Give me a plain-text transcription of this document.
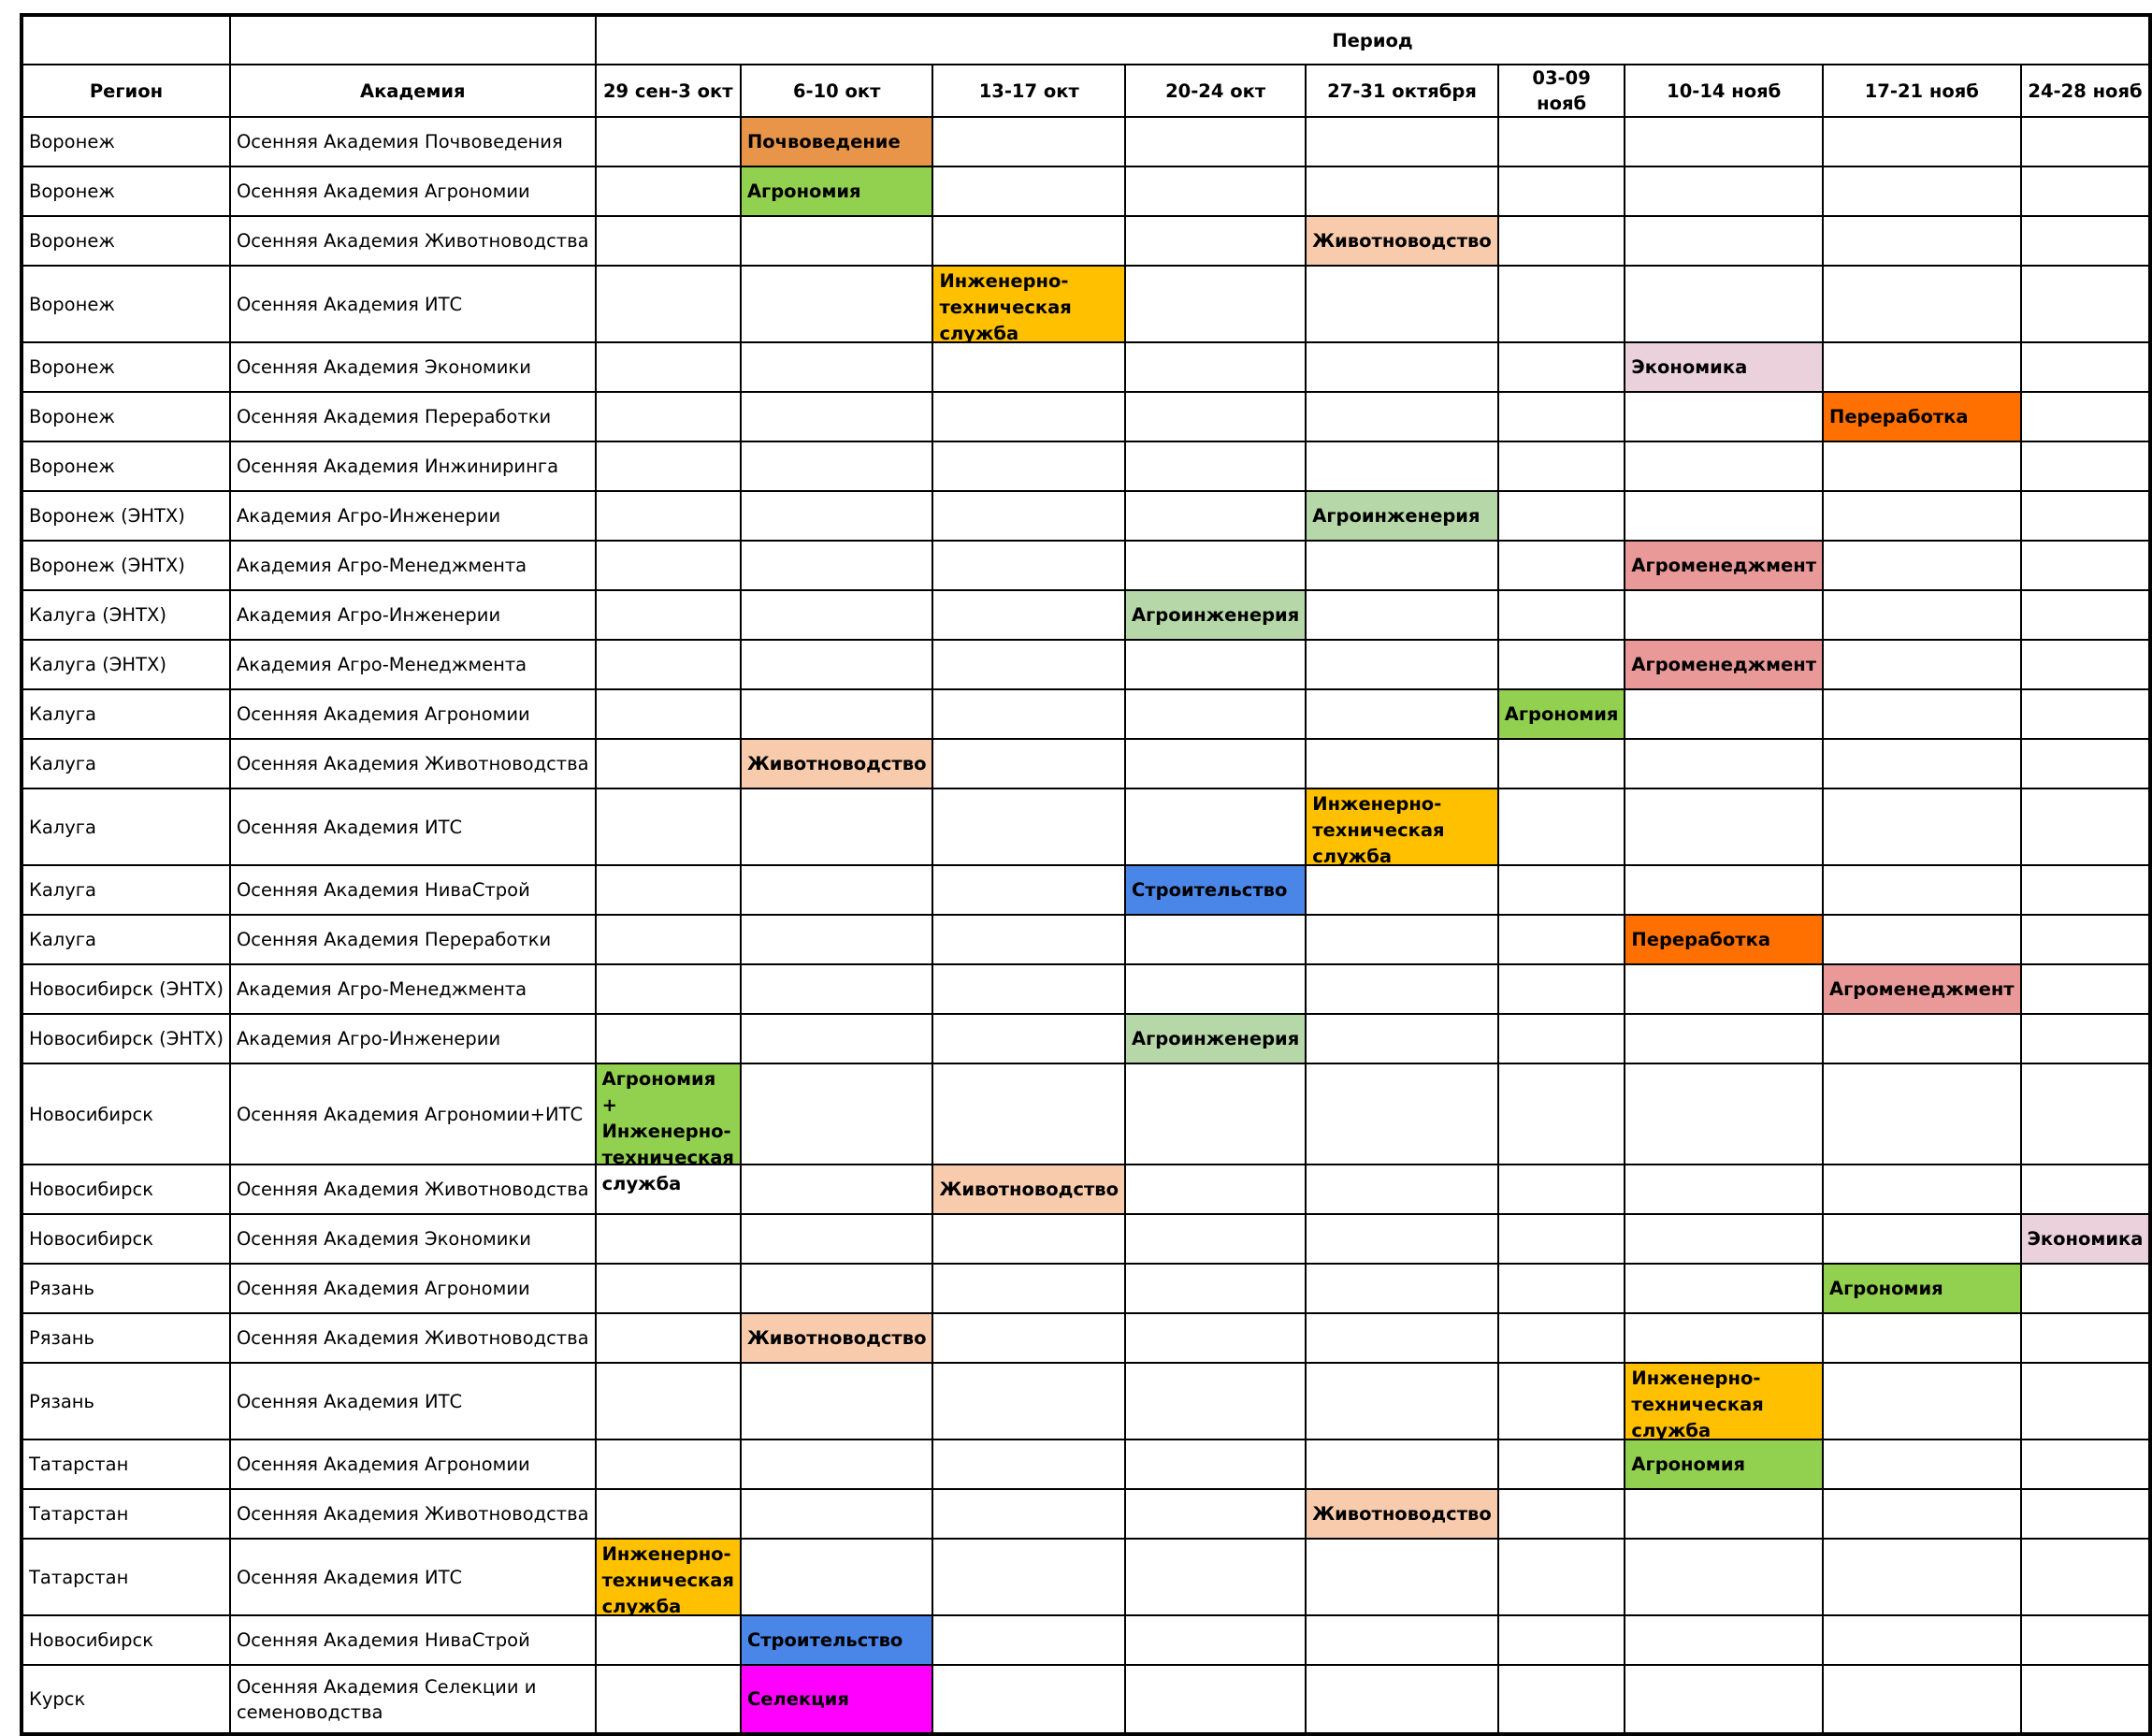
		Период								
Регион	Академия	29 сен-3 окт	6-10 окт	13-17 окт	20-24 окт	27-31 октября	03-09 нояб	10-14 нояб	17-21 нояб	24-28 нояб
Воронеж	Осенняя Академия Почвоведения		Почвоведение							
Воронеж	Осенняя Академия Агрономии		Агрономия							
Воронеж	Осенняя Академия Животноводства					Животноводство				
Воронеж	Осенняя Академия ИТС			Инженерно-техническая служба						

Воронеж	Осенняя Академия Экономики							Экономика		
Воронеж	Осенняя Академия Переработки								Переработка	
Воронеж	Осенняя Академия Инжиниринга									
Воронеж (ЭНТХ)	Академия Агро-Инженерии					Агроинженерия				
Воронеж (ЭНТХ)	Академия Агро-Менеджмента							Агроменеджмент		
Калуга (ЭНТХ)	Академия Агро-Инженерии				Агроинженерия					
Калуга (ЭНТХ)	Академия Агро-Менеджмента							Агроменеджмент		
Калуга	Осенняя Академия Агрономии						Агрономия			
Калуга	Осенняя Академия Животноводства		Животноводство							
Калуга	Осенняя Академия ИТС					Инженерно-техническая служба				

Калуга	Осенняя Академия НиваСтрой				Строительство					
Калуга	Осенняя Академия Переработки							Переработка		
Новосибирск (ЭНТХ)	Академия Агро-Менеджмента								Агроменеджмент	
Новосибирск (ЭНТХ)	Академия Агро-Инженерии				Агроинженерия					
Новосибирск	Осенняя Академия Агрономии+ИТС	Агрономия + Инженерно-техническая служба								

Новосибирск	Осенняя Академия Животноводства			Животноводство						
Новосибирск	Осенняя Академия Экономики									Экономика
Рязань	Осенняя Академия Агрономии								Агрономия	
Рязань	Осенняя Академия Животноводства		Животноводство							
Рязань	Осенняя Академия ИТС							Инженерно-техническая служба		

Татарстан	Осенняя Академия Агрономии							Агрономия		
Татарстан	Осенняя Академия Животноводства					Животноводство				
Татарстан	Осенняя Академия ИТС	Инженерно-техническая служба								

Новосибирск	Осенняя Академия НиваСтрой		Строительство							
Курск	Осенняя Академия Селекции и семеноводства		Селекция							
